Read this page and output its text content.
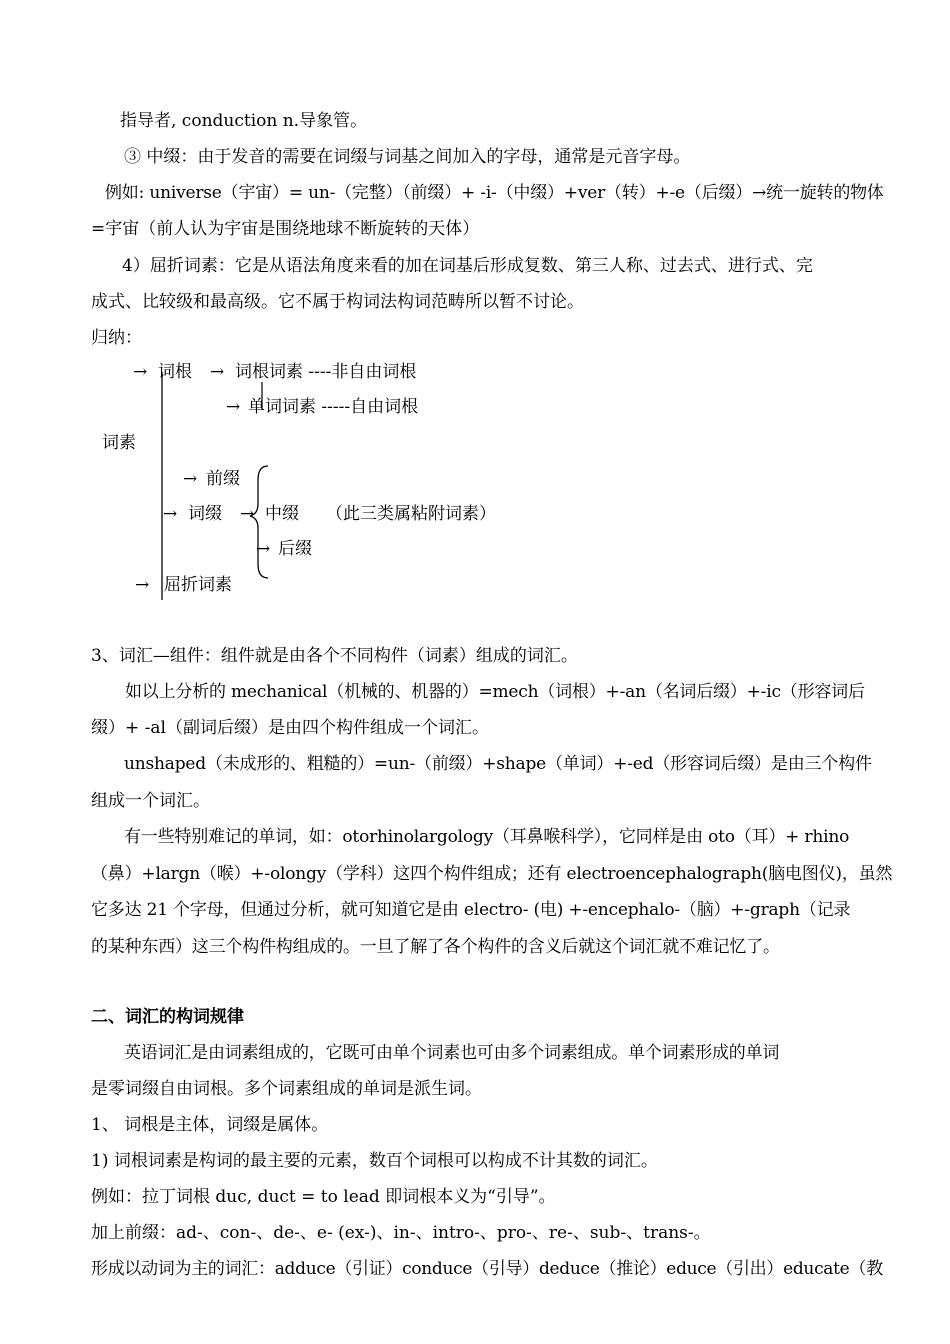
指导者, conduction n.导象管。
③ 中缀：由于发音的需要在词缀与词基之间加入的字母，通常是元音字母。
例如: universe（宇宙）= un-（完整）（前缀）+ -i-（中缀）+ver（转）+-e（后缀）→统一旋转的物体
=宇宙（前人认为宇宙是围绕地球不断旋转的天体）
4）屈折词素：它是从语法角度来看的加在词基后形成复数、第三人称、过去式、进行式、完
成式、比较级和最高级。它不属于构词法构词范畴所以暂不讨论。
归纳：
→ 词根 → 词根词素 ----非自由词根
→ 单词词素 -----自由词根
词素
→ 前缀
→ 词缀 → 中缀 （此三类属粘附词素）
→ 后缀
→ 屈折词素
3、词汇—组件：组件就是由各个不同构件（词素）组成的词汇。
如以上分析的 mechanical（机械的、机器的）=mech（词根）+-an（名词后缀）+-ic（形容词后
缀）+ -al（副词后缀）是由四个构件组成一个词汇。
unshaped（未成形的、粗糙的）=un-（前缀）+shape（单词）+-ed（形容词后缀）是由三个构件
组成一个词汇。
有一些特别难记的单词，如：otorhinolargology（耳鼻喉科学），它同样是由 oto（耳）+ rhino
（鼻）+largn（喉）+-olongy（学科）这四个构件组成；还有 electroencephalograph(脑电图仪)，虽然
它多达 21 个字母，但通过分析，就可知道它是由 electro- (电) +-encephalo-（脑）+-graph（记录
的某种东西）这三个构件构组成的。一旦了解了各个构件的含义后就这个词汇就不难记忆了。
二、词汇的构词规律
英语词汇是由词素组成的，它既可由单个词素也可由多个词素组成。单个词素形成的单词
是零词缀自由词根。多个词素组成的单词是派生词。
1、 词根是主体，词缀是属体。
1) 词根词素是构词的最主要的元素，数百个词根可以构成不计其数的词汇。
例如：拉丁词根 duc, duct = to lead 即词根本义为“引导”。
加上前缀：ad-、con-、de-、e- (ex-)、in-、intro-、pro-、re-、sub-、trans-。
形成以动词为主的词汇：adduce（引证）conduce（引导）deduce（推论）educe（引出）educate（教
